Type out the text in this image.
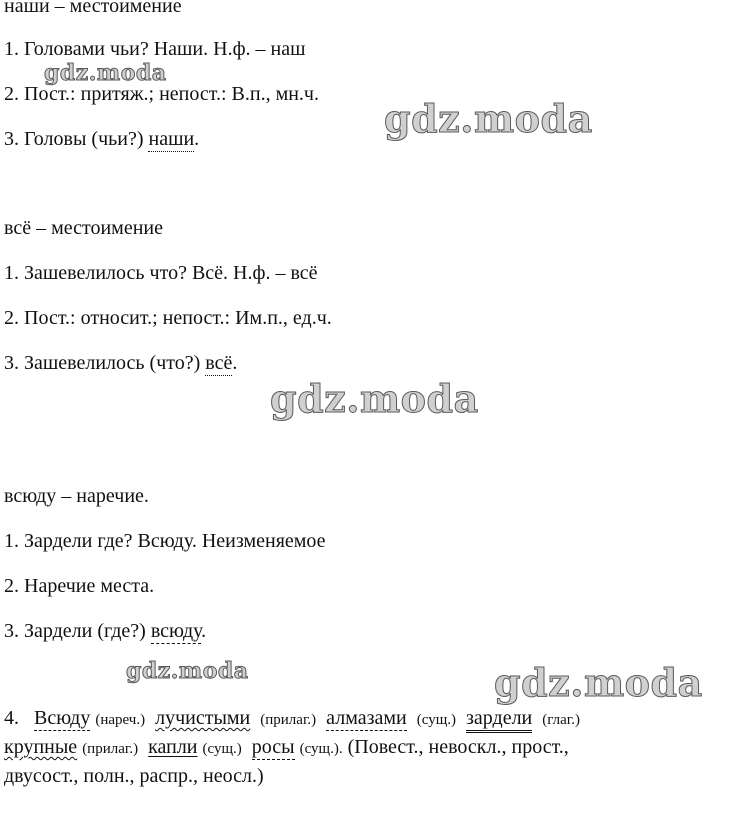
наши – местоимение
1. Головами чьи? Наши. Н.ф. – наш
2. Пост.: притяж.; непост.: В.п., мн.ч.
3. Головы (чьи?) наши.
всё – местоимение
1. Зашевелилось что? Всё. Н.ф. – всё
2. Пост.: относит.; непост.: Им.п., ед.ч.
3. Зашевелилось (что?) всё.
всюду – наречие.
1. Зардели где? Всюду. Неизменяемое
2. Наречие места.
3. Зардели (где?) всюду.
4. Всюду (нареч.) лучистыми (прилаг.) алмазами (сущ.) зардели (глаг.)
крупные (прилаг.) капли (сущ.) росы (сущ.). (Повест., невоскл., прост.,
двусост., полн., распр., неосл.)
gdz.moda
gdz.moda
gdz.moda
gdz.moda	gdz.moda
